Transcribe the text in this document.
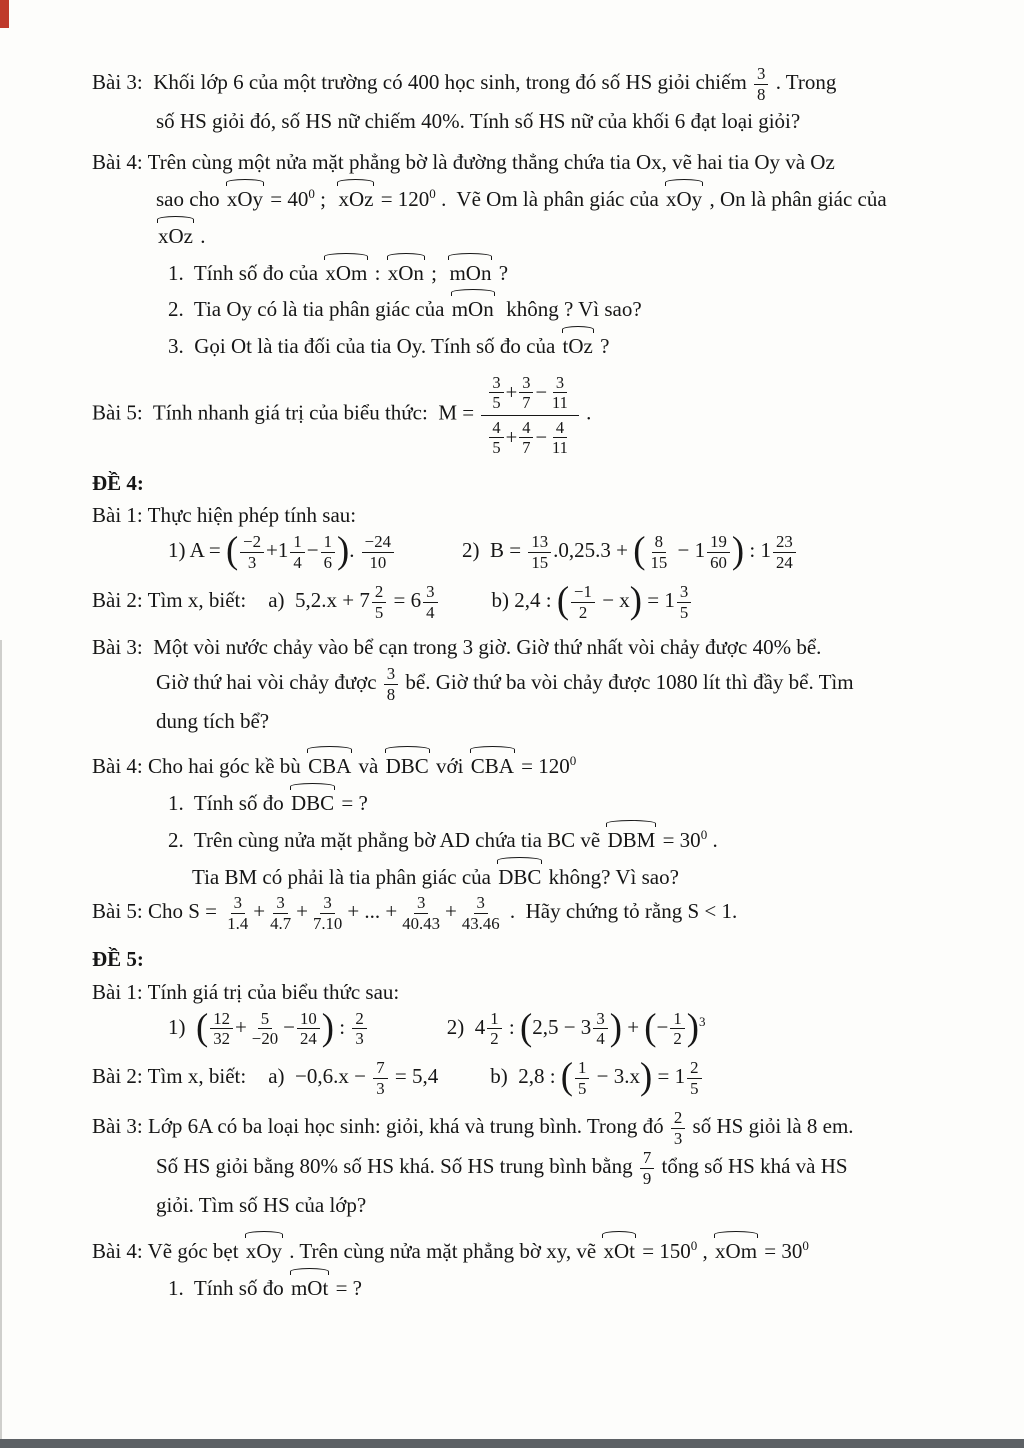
Bài 3:  Khối lớp 6 của một trường có 400 học sinh, trong đó số HS giỏi chiếm $\frac{3}{8}$ . Trong
số HS giỏi đó, số HS nữ chiếm 40%. Tính số HS nữ của khối 6 đạt loại giỏi?
Bài 4: Trên cùng một nửa mặt phẳng bờ là đường thẳng chứa tia Ox, vẽ hai tia Oy và Oz
sao cho xOy = $40^0$ ;  xOz = $120^0$ .  Vẽ Om là phân giác của xOy , On là phân giác của
xOz .
1.  Tính số đo của xOm : xOn ;  mOn ?
2.  Tia Oy có là tia phân giác của mOn  không ? Vì sao?
3.  Gọi Ot là tia đối của tia Oy. Tính số đo của tOz ?
Bài 5:  Tính nhanh giá trị của biểu thức:  $M = \frac{\frac{3}{5} + \frac{3}{7} - \frac{3}{11}}{\frac{4}{5} + \frac{4}{7} - \frac{4}{11}}$ .
ĐỀ 4:
Bài 1: Thực hiện phép tính sau:
1) A = ( $\frac{-2}{3} +1 \frac{1}{4} - \frac{1}{6}$ ). $\frac{-24}{10}$	2)  $B = \frac{13}{15} .0,25.3$ + ( $\frac{8}{15} - 1 \frac{19}{60}$ ) : $1 \frac{23}{24}$
Bài 2: Tìm x, biết: a)  $5,2.x + 7 \frac{2}{5} = 6 \frac{3}{4}$	b) 2,4 : ( $\frac{-1}{2} - x) = 1 \frac{3}{5}$
Bài 3:  Một vòi nước chảy vào bể cạn trong 3 giờ. Giờ thứ nhất vòi chảy được 40% bể.
Giờ thứ hai vòi chảy được $\frac{3}{8}$ bể. Giờ thứ ba vòi chảy được 1080 lít thì đầy bể. Tìm
dung tích bể?
Bài 4: Cho hai góc kề bù CBA và DBC với CBA = $120^0$
1.  Tính số đo DBC = ?
2.  Trên cùng nửa mặt phẳng bờ AD chứa tia BC vẽ DBM = $30^0$ .
Tia BM có phải là tia phân giác của DBC không? Vì sao?
Bài 5: Cho $S = \frac{3}{1.4} + \frac{3}{4.7} + \frac{3}{7.10}$ + ... + $\frac{3}{40.43} + \frac{3}{43.46}$ .  Hãy chứng tỏ rằng S < 1.
ĐỀ 5:
Bài 1: Tính giá trị của biểu thức sau:
1)  ( $\frac{12}{32} + \frac{5}{-20} - \frac{10}{24}$ ) : $\frac{2}{3}$	2)  $4 \frac{1}{2}$ : ($2,5 - 3 \frac{3}{4}$ ) + (− $\frac{1}{2} )^3$
Bài 2: Tìm x, biết: $a) -0,6.x - \frac{7}{3} = 5,4$ b)  2,8 : ( $\frac{1}{5} - 3.x) = 1 \frac{2}{5}$
Bài 3: Lớp 6A có ba loại học sinh: giỏi, khá và trung bình. Trong đó $\frac{2}{3}$ số HS giỏi là 8 em.
Số HS giỏi bằng 80% số HS khá. Số HS trung bình bằng $\frac{7}{9}$ tổng số HS khá và HS
giỏi. Tìm số HS của lớp?
Bài 4: Vẽ góc bẹt xOy . Trên cùng nửa mặt phẳng bờ xy, vẽ xOt = $150^0$ , xOm = $30^0$
1.  Tính số đo mOt = ?
